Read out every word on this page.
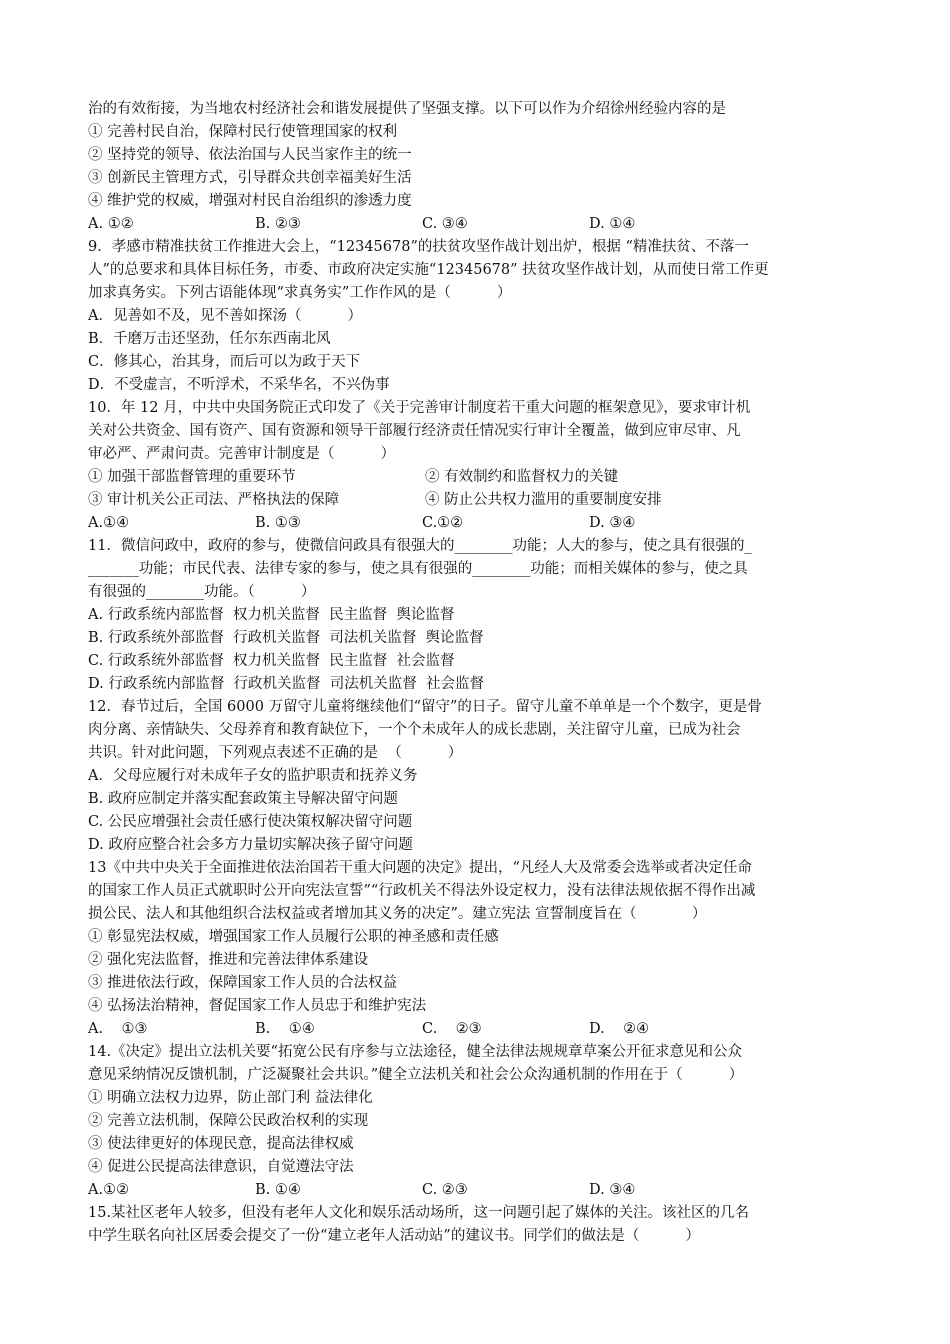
治的有效衔接，为当地农村经济社会和谐发展提供了坚强支撑。以下可以作为介绍徐州经验内容的是
① 完善村民自治，保障村民行使管理国家的权利
② 坚持党的领导、依法治国与人民当家作主的统一
③ 创新民主管理方式，引导群众共创幸福美好生活
④ 维护党的权威，增强对村民自治组织的渗透力度
A. ①②	B. ②③	C. ③④	D. ①④
9．孝感市精准扶贫工作推进大会上，“12345678”的扶贫攻坚作战计划出炉，根据 “精准扶贫、不落一
人”的总要求和具体目标任务，市委、市政府决定实施“12345678” 扶贫攻坚作战计划，从而使日常工作更
加求真务实。下列古语能体现“求真务实”工作作风的是（          ）
A．见善如不及，见不善如探汤（          ）
B．千磨万击还坚劲，任尔东西南北风
C．修其心，治其身，而后可以为政于天下
D．不受虚言，不听浮术，不采华名，不兴伪事
10．年 12 月，中共中央国务院正式印发了《关于完善审计制度若干重大问题的框架意见》，要求审计机
关对公共资金、国有资产、国有资源和领导干部履行经济责任情况实行审计全覆盖，做到应审尽审、凡
审必严、严肃问责。完善审计制度是（          ）
① 加强干部监督管理的重要环节	② 有效制约和监督权力的关键
③ 审计机关公正司法、严格执法的保障	④ 防止公共权力滥用的重要制度安排
A.①④	B. ①③	C.①②	D. ③④
11．微信问政中，政府的参与，使微信问政具有很强大的________功能；人大的参与，使之具有很强的_
_______功能；市民代表、法律专家的参与，使之具有很强的________功能；而相关媒体的参与，使之具
有很强的________功能。（          ）
A. 行政系统内部监督  权力机关监督  民主监督  舆论监督
B. 行政系统外部监督  行政机关监督  司法机关监督  舆论监督
C. 行政系统外部监督  权力机关监督  民主监督  社会监督
D. 行政系统内部监督  行政机关监督  司法机关监督  社会监督
12．春节过后，全国 6000 万留守儿童将继续他们“留守”的日子。留守儿童不单单是一个个数字，更是骨
肉分离、亲情缺失、父母养育和教育缺位下，一个个未成年人的成长悲剧，关注留守儿童，已成为社会
共识。针对此问题，下列观点表述不正确的是  （          ）
A．父母应履行对未成年子女的监护职责和抚养义务
B. 政府应制定并落实配套政策主导解决留守问题
C. 公民应增强社会责任感行使决策权解决留守问题
D. 政府应整合社会多方力量切实解决孩子留守问题
13《中共中央关于全面推进依法治国若干重大问题的决定》提出，“凡经人大及常委会选举或者决定任命
的国家工作人员正式就职时公开向宪法宣誓”“行政机关不得法外设定权力，没有法律法规依据不得作出减
损公民、法人和其他组织合法权益或者增加其义务的决定”。建立宪法 宣誓制度旨在（            ）
① 彰显宪法权威，增强国家工作人员履行公职的神圣感和责任感
② 强化宪法监督，推进和完善法律体系建设
③ 推进依法行政，保障国家工作人员的合法权益
④ 弘扬法治精神，督促国家工作人员忠于和维护宪法
A.    ①③	B.    ①④	C.    ②③	D.    ②④
14.《决定》提出立法机关要“拓宽公民有序参与立法途径，健全法律法规规章草案公开征求意见和公众
意见采纳情况反馈机制，广泛凝聚社会共识。”健全立法机关和社会公众沟通机制的作用在于（          ）
① 明确立法权力边界，防止部门利 益法律化
② 完善立法机制，保障公民政治权利的实现
③ 使法律更好的体现民意，提高法律权威
④ 促进公民提高法律意识，自觉遵法守法
A.①②	B. ①④	C. ②③	D. ③④
15.某社区老年人较多，但没有老年人文化和娱乐活动场所，这一问题引起了媒体的关注。该社区的几名
中学生联名向社区居委会提交了一份“建立老年人活动站”的建议书。同学们的做法是（          ）
